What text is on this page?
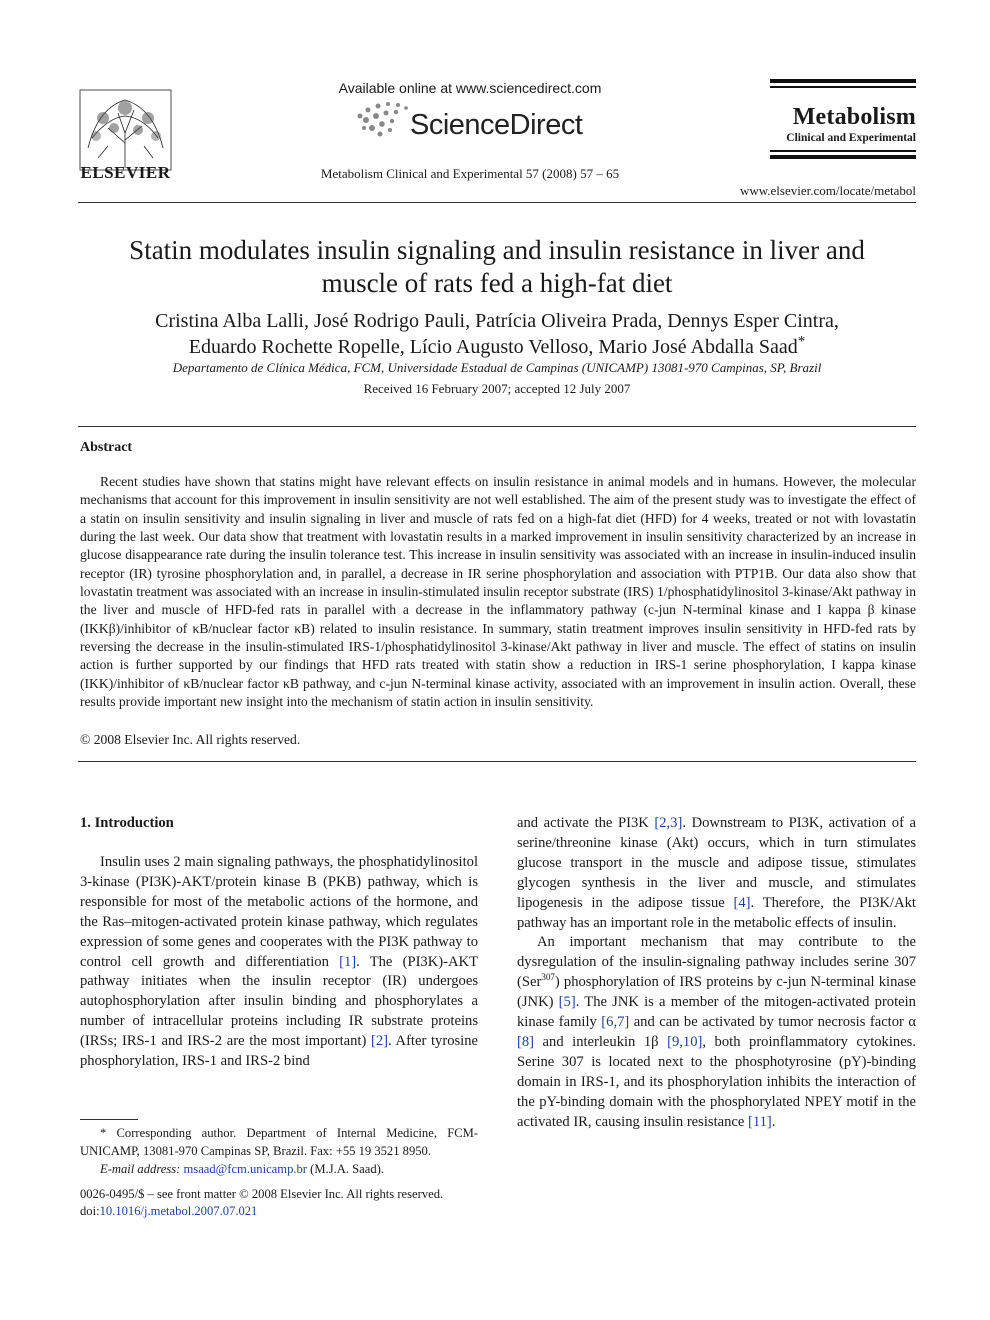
ELSEVIER
Available online at www.sciencedirect.com
ScienceDirect
Metabolism Clinical and Experimental 57 (2008) 57 – 65
Metabolism
Clinical and Experimental
www.elsevier.com/locate/metabol
Statin modulates insulin signaling and insulin resistance in liver and
muscle of rats fed a high-fat diet
Cristina Alba Lalli, José Rodrigo Pauli, Patrícia Oliveira Prada, Dennys Esper Cintra,
Eduardo Rochette Ropelle, Lício Augusto Velloso, Mario José Abdalla Saad*
Departamento de Clínica Médica, FCM, Universidade Estadual de Campinas (UNICAMP) 13081-970 Campinas, SP, Brazil
Received 16 February 2007; accepted 12 July 2007
Abstract
Recent studies have shown that statins might have relevant effects on insulin resistance in animal models and in humans. However, the molecular mechanisms that account for this improvement in insulin sensitivity are not well established. The aim of the present study was to investigate the effect of a statin on insulin sensitivity and insulin signaling in liver and muscle of rats fed on a high-fat diet (HFD) for 4 weeks, treated or not with lovastatin during the last week. Our data show that treatment with lovastatin results in a marked improvement in insulin sensitivity characterized by an increase in glucose disappearance rate during the insulin tolerance test. This increase in insulin sensitivity was associated with an increase in insulin-induced insulin receptor (IR) tyrosine phosphorylation and, in parallel, a decrease in IR serine phosphorylation and association with PTP1B. Our data also show that lovastatin treatment was associated with an increase in insulin-stimulated insulin receptor substrate (IRS) 1/phosphatidylinositol 3-kinase/Akt pathway in the liver and muscle of HFD-fed rats in parallel with a decrease in the inflammatory pathway (c-jun N-terminal kinase and I kappa β kinase (IKKβ)/inhibitor of κB/nuclear factor κB) related to insulin resistance. In summary, statin treatment improves insulin sensitivity in HFD-fed rats by reversing the decrease in the insulin-stimulated IRS-1/phosphatidylinositol 3-kinase/Akt pathway in liver and muscle. The effect of statins on insulin action is further supported by our findings that HFD rats treated with statin show a reduction in IRS-1 serine phosphorylation, I kappa kinase (IKK)/inhibitor of κB/nuclear factor κB pathway, and c-jun N-terminal kinase activity, associated with an improvement in insulin action. Overall, these results provide important new insight into the mechanism of statin action in insulin sensitivity.
© 2008 Elsevier Inc. All rights reserved.
1. Introduction

Insulin uses 2 main signaling pathways, the phosphatidylinositol 3-kinase (PI3K)-AKT/protein kinase B (PKB) pathway, which is responsible for most of the metabolic actions of the hormone, and the Ras–mitogen-activated protein kinase pathway, which regulates expression of some genes and cooperates with the PI3K pathway to control cell growth and differentiation [1]. The (PI3K)-AKT pathway initiates when the insulin receptor (IR) undergoes autophosphorylation after insulin binding and phosphorylates a number of intracellular proteins including IR substrate proteins (IRSs; IRS-1 and IRS-2 are the most important) [2]. After tyrosine phosphorylation, IRS-1 and IRS-2 bind

and activate the PI3K [2,3]. Downstream to PI3K, activation of a serine/threonine kinase (Akt) occurs, which in turn stimulates glucose transport in the muscle and adipose tissue, stimulates glycogen synthesis in the liver and muscle, and stimulates lipogenesis in the adipose tissue [4]. Therefore, the PI3K/Akt pathway has an important role in the metabolic effects of insulin.

An important mechanism that may contribute to the dysregulation of the insulin-signaling pathway includes serine 307 (Ser$^{307}$) phosphorylation of IRS proteins by c-jun N-terminal kinase (JNK) [5]. The JNK is a member of the mitogen-activated protein kinase family [6,7] and can be activated by tumor necrosis factor α [8] and interleukin 1β [9,10], both proinflammatory cytokines. Serine 307 is located next to the phosphotyrosine (pY)-binding domain in IRS-1, and its phosphorylation inhibits the interaction of the pY-binding domain with the phosphorylated NPEY motif in the activated IR, causing insulin resistance [11].

* Corresponding author. Department of Internal Medicine, FCM-UNICAMP, 13081-970 Campinas SP, Brazil. Fax: +55 19 3521 8950.

E-mail address: msaad@fcm.unicamp.br (M.J.A. Saad).

0026-0495/$ – see front matter © 2008 Elsevier Inc. All rights reserved.
doi:10.1016/j.metabol.2007.07.021
